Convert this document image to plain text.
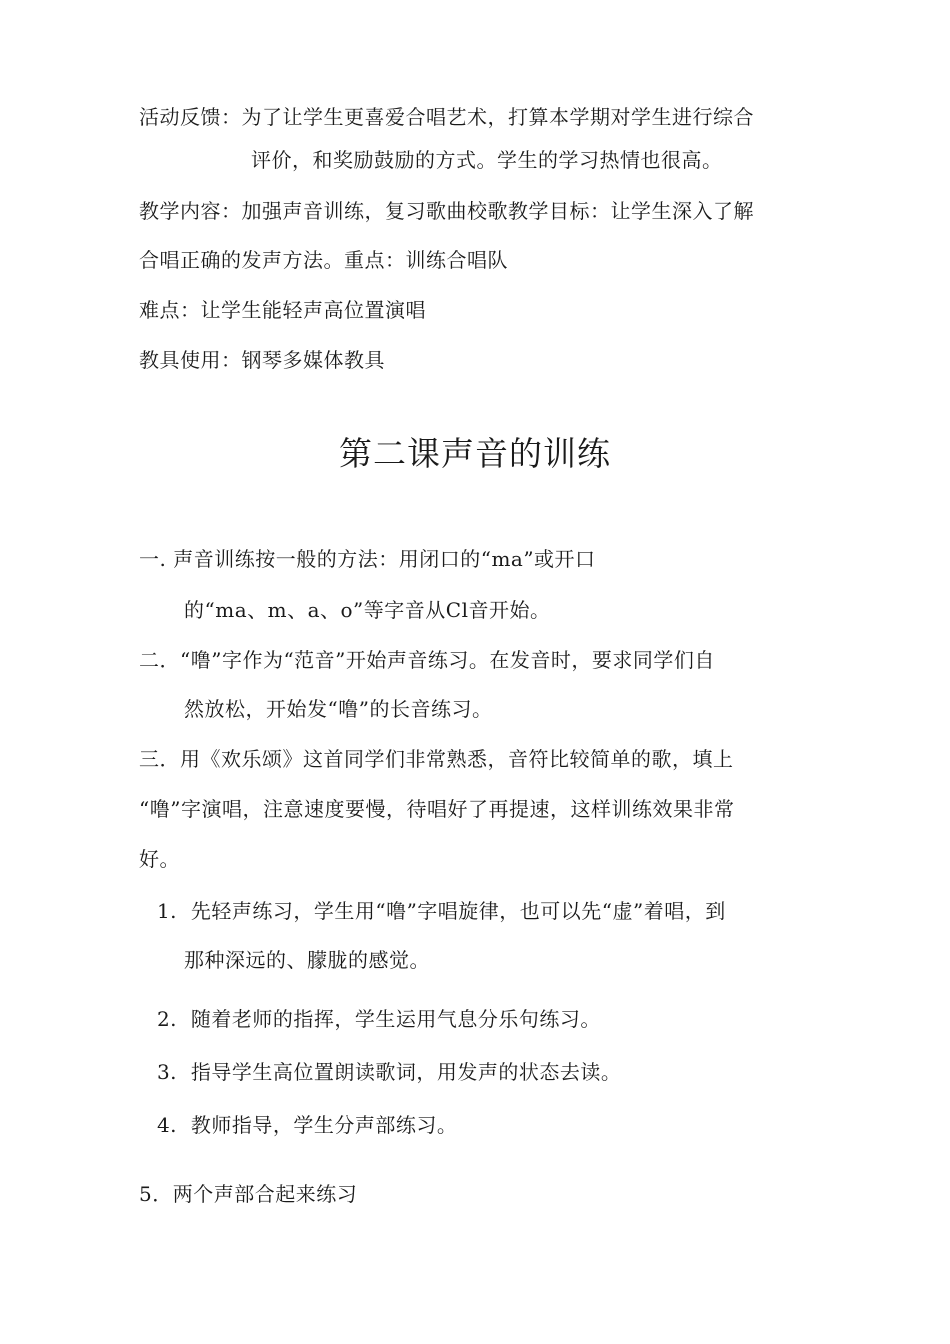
活动反馈：为了让学生更喜爱合唱艺术，打算本学期对学生进行综合
评价，和奖励鼓励的方式。学生的学习热情也很高。
教学内容：加强声音训练，复习歌曲校歌教学目标：让学生深入了解
合唱正确的发声方法。重点：训练合唱队
难点：让学生能轻声高位置演唱
教具使用：钢琴多媒体教具
第二课声音的训练
一. 声音训练按一般的方法：用闭口的“ma”或开口
的“ma、m、a、o”等字音从Cl音开始。
二．“噜”字作为“范音”开始声音练习。在发音时，要求同学们自
然放松，开始发“噜”的长音练习。
三．用《欢乐颂》这首同学们非常熟悉，音符比较简单的歌，填上
“噜”字演唱，注意速度要慢，待唱好了再提速，这样训练效果非常
好。
1. 先轻声练习，学生用“噜”字唱旋律，也可以先“虚”着唱，到
那种深远的、朦胧的感觉。
2. 随着老师的指挥，学生运用气息分乐句练习。
3. 指导学生高位置朗读歌词，用发声的状态去读。
4. 教师指导，学生分声部练习。
5．两个声部合起来练习
